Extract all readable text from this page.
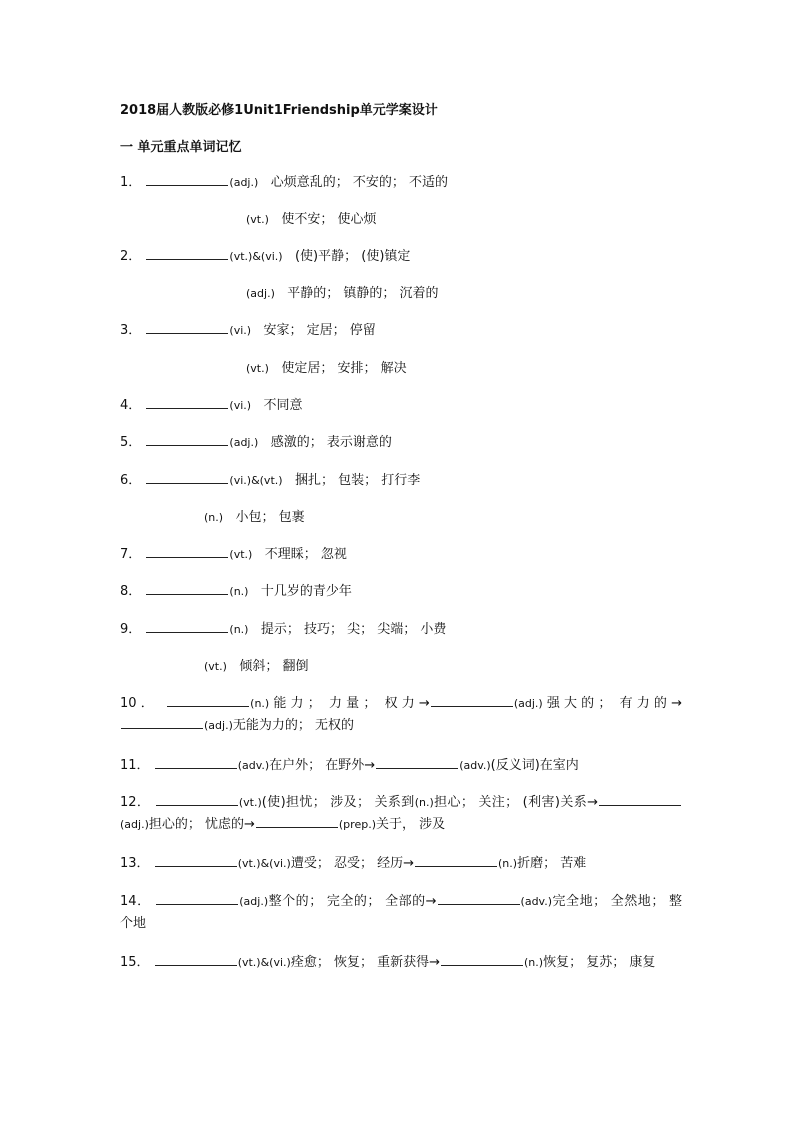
2018届人教版必修1Unit1Friendship单元学案设计
一 单元重点单词记忆
1．	(adj.) 心烦意乱的； 不安的； 不适的
(vt.) 使不安； 使心烦
2．	(vt.)&(vi.) (使)平静； (使)镇定
(adj.) 平静的； 镇静的； 沉着的
3．	(vi.) 安家； 定居； 停留
(vt.) 使定居； 安排； 解决
4．	(vi.) 不同意
5．	(adj.) 感激的； 表示谢意的
6．	(vi.)&(vt.) 捆扎； 包装； 打行李
(n.) 小包； 包裹
7．	(vt.) 不理睬； 忽视
8．	(n.) 十几岁的青少年
9．	(n.) 提示； 技巧； 尖； 尖端； 小费
(vt.) 倾斜； 翻倒
10．	(n.)能力； 力量； 权力→	(adj.)强大的； 有力的→(adj.)无能为力的； 无权的
11．	(adv.)在户外； 在野外→	(adv.)(反义词)在室内
12．	(vt.)(使)担忧； 涉及； 关系到(n.)担心； 关注； (利害)关系→(adj.)担心的； 忧虑的→	(prep.)关于， 涉及
13．	(vt.)&(vi.)遭受； 忍受； 经历→	(n.)折磨； 苦难
14．	(adj.)整个的； 完全的； 全部的→	(adv.)完全地； 全然地； 整个地
15．	(vt.)&(vi.)痊愈； 恢复； 重新获得→	(n.)恢复； 复苏； 康复
